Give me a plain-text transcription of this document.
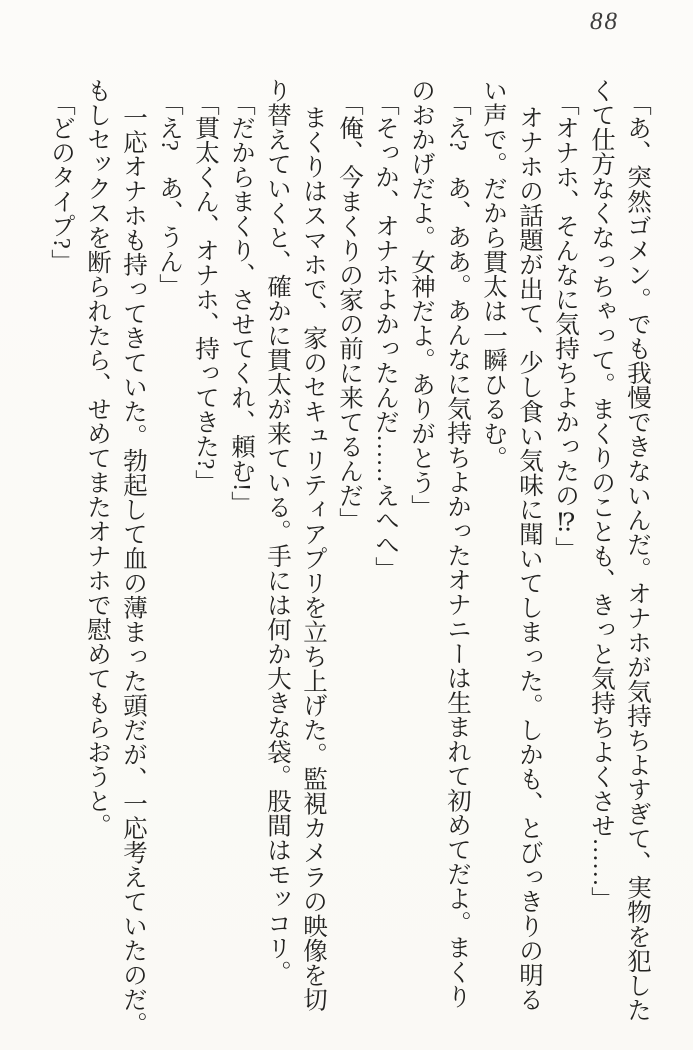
88
「あ、突然ゴメン。でも我慢できないんだ。オナホが気持ちよすぎて、実物を犯した
くて仕方なくなっちゃって。まくりのことも、きっと気持ちよくさせ……」
「オナホ、そんなに気持ちよかったの⁉」
オナホの話題が出て、少し食い気味に聞いてしまった。しかも、とびっきりの明る
い声で。だから貫太は一瞬ひるむ。
「え?　あ、ああ。あんなに気持ちよかったオナニーは生まれて初めてだよ。まくり
のおかげだよ。女神だよ。ありがとう」
「そっか、オナホよかったんだ……えへへ」
「俺、今まくりの家の前に来てるんだ」
まくりはスマホで、家のセキュリティアプリを立ち上げた。監視カメラの映像を切
り替えていくと、確かに貫太が来ている。手には何か大きな袋。股間はモッコリ。
「だからまくり、させてくれ、頼む!」
「貫太くん、オナホ、持ってきた?」
「え?　あ、うん」
一応オナホも持ってきていた。勃起して血の薄まった頭だが、一応考えていたのだ。
もしセックスを断られたら、せめてまたオナホで慰めてもらおうと。
「どのタイプ?」
